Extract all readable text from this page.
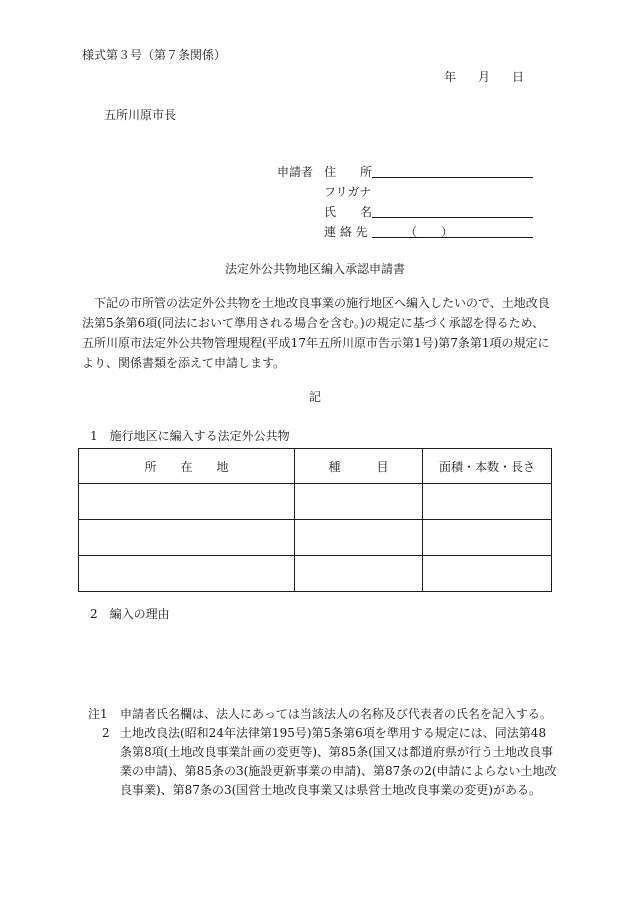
様式第３号（第７条関係）
年 月 日
五所川原市長
申請者 住　　所
フリガナ
氏　　名
連 絡 先	（　　）
法定外公共物地区編入承認申請書

下記の市所管の法定外公共物を土地改良事業の施行地区へ編入したいので、土地改良法第5条第6項(同法において準用される場合を含む。)の規定に基づく承認を得るため、五所川原市法定外公共物管理規程(平成17年五所川原市告示第1号)第7条第1項の規定により、関係書類を添えて申請します。

記
1　施行地区に編入する法定外公共物
所　　在　　地	種　　　目	面積・本数・長さ

2　編入の理由
注1 申請者氏名欄は、法人にあっては当該法人の名称及び代表者の氏名を記入する。
2 土地改良法(昭和24年法律第195号)第5条第6項を準用する規定には、同法第48条第8項(土地改良事業計画の変更等)、第85条(国又は都道府県が行う土地改良事業の申請)、第85条の3(施設更新事業の申請)、第87条の2(申請によらない土地改良事業)、第87条の3(国営土地改良事業又は県営土地改良事業の変更)がある。
